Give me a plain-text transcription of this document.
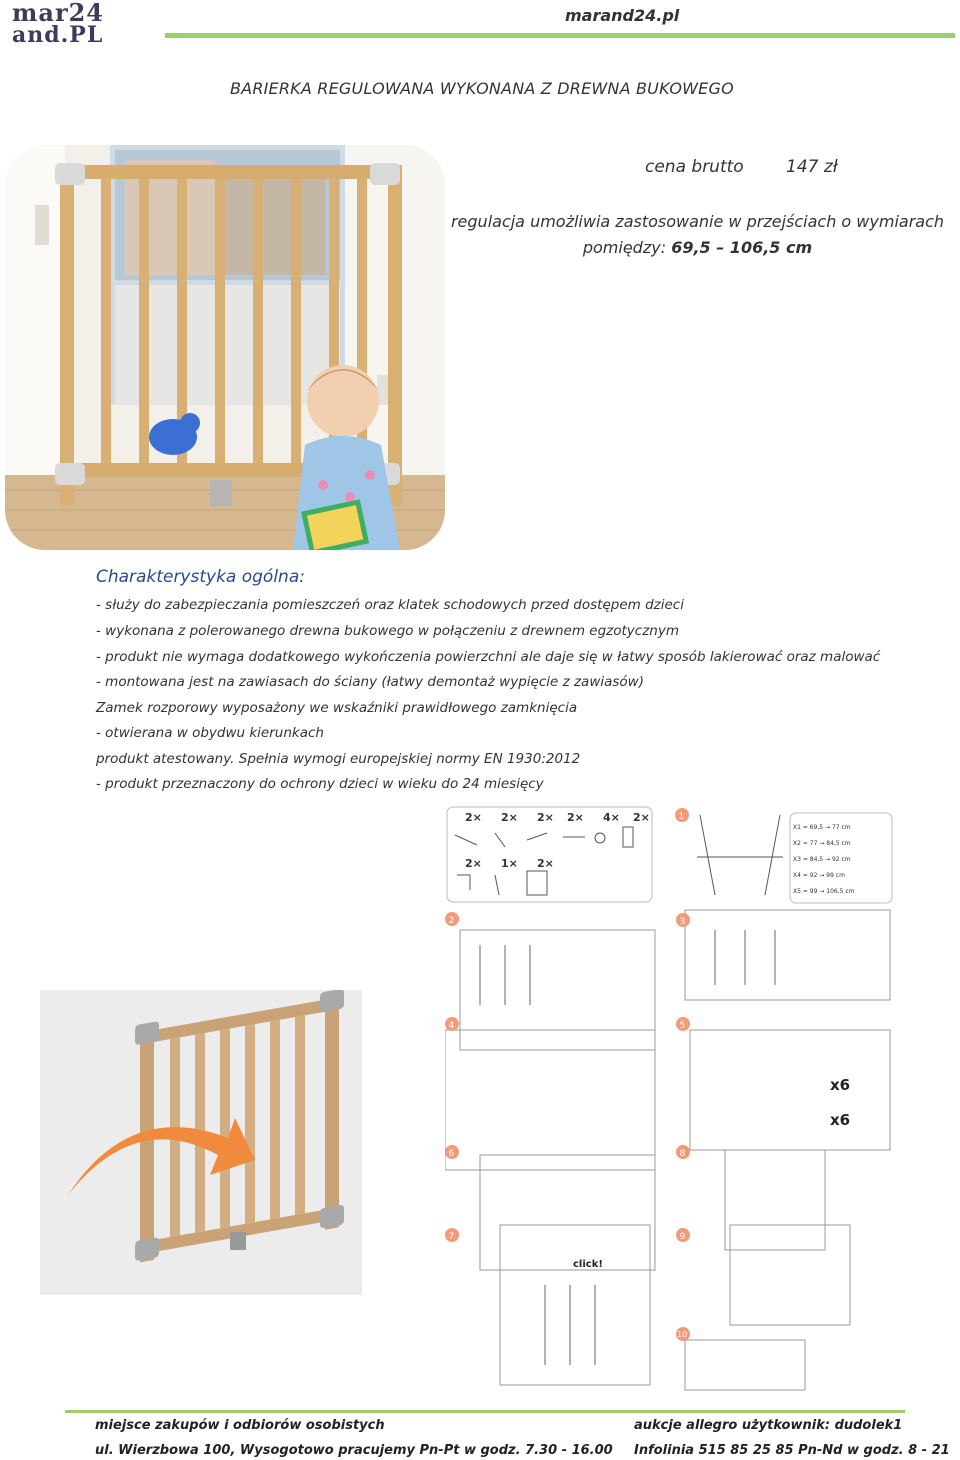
mar24
and.PL
marand24.pl
BARIERKA REGULOWANA WYKONANA Z DREWNA BUKOWEGO
cena brutto 147 zł
regulacja umożliwia zastosowanie w przejściach o wymiarach
pomiędzy: 69,5 – 106,5 cm
Charakterystyka ogólna:
- służy do zabezpieczania pomieszczeń oraz klatek schodowych przed dostępem dzieci
- wykonana z polerowanego drewna bukowego w połączeniu z drewnem egzotycznym
- produkt nie wymaga dodatkowego wykończenia powierzchni ale daje się w łatwy sposób lakierować oraz malować
- montowana jest na zawiasach do ściany (łatwy demontaż wypięcie z zawiasów)
Zamek rozporowy wyposażony we wskaźniki prawidłowego zamknięcia
- otwierana w obydwu kierunkach
produkt atestowany. Spełnia wymogi europejskiej normy EN 1930:2012
- produkt przeznaczony do ochrony dzieci w wieku do 24 miesięcy
2× 2× 2× 2× 4× 2×
2× 1× 2×
X1 = 69,5 → 77 cm
X2 = 77 → 84,5 cm
X3 = 84,5 → 92 cm
X4 = 92 → 99 cm
X5 = 99 → 106,5 cm
x6
x6
click!
1
2	3
4	5
6
7
8
9
10
miejsce zakupów i odbiorów osobistych
ul. Wierzbowa 100, Wysogotowo pracujemy Pn-Pt w godz. 7.30 - 16.00
aukcje allegro użytkownik: dudolek1
Infolinia 515 85 25 85 Pn-Nd w godz. 8 - 21
